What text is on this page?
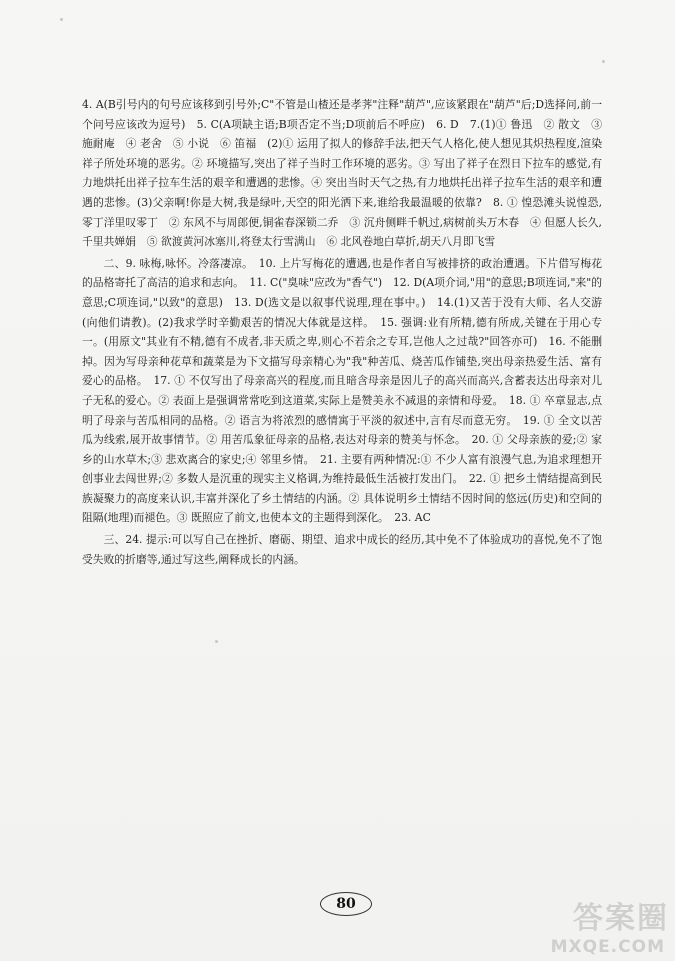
4. A(B引号内的句号应该移到引号外;C"不管是山楂还是孝荠"注释"葫芦",应该紧跟在"葫芦"后;D选择问,前一个问号应该改为逗号)　5. C(A项缺主语;B项否定不当;D项前后不呼应)　6. D　7.(1)① 鲁迅　② 散文　③ 施耐庵　④ 老舍　⑤ 小说　⑥ 笛福　(2)① 运用了拟人的修辞手法,把天气人格化,使人想见其炽热程度,渲染祥子所处环境的恶劣。② 环境描写,突出了祥子当时工作环境的恶劣。③ 写出了祥子在烈日下拉车的感觉,有力地烘托出祥子拉车生活的艰辛和遭遇的悲惨。④ 突出当时天气之热,有力地烘托出祥子拉车生活的艰辛和遭遇的悲惨。(3)父亲啊!你是大树,我是绿叶,天空的阳光洒下来,谁给我最温暖的依靠?　8. ① 惶恐滩头说惶恐,零丁洋里叹零丁　② 东风不与周郎便,铜雀春深锁二乔　③ 沉舟侧畔千帆过,病树前头万木春　④ 但愿人长久,千里共婵娟　⑤ 欲渡黄河冰塞川,将登太行雪满山　⑥ 北风卷地白草折,胡天八月即飞雪

二、9. 咏梅,咏怀。冷落凄凉。　10. 上片写梅花的遭遇,也是作者自写被排挤的政治遭遇。下片借写梅花的品格寄托了高洁的追求和志向。　11. C("臭味"应改为"香气")　12. D(A项介词,"用"的意思;B项连词,"来"的意思;C项连词,"以致"的意思)　13. D(选文是以叙事代说理,理在事中。)　14.(1)又苦于没有大师、名人交游(向他们请教)。(2)我求学时辛勤艰苦的情况大体就是这样。　15. 强调:业有所精,德有所成,关键在于用心专一。(用原文"其业有不精,德有不成者,非天质之卑,则心不若余之专耳,岂他人之过哉?"回答亦可)　16. 不能删掉。因为写母亲种花草和蔬菜是为下文描写母亲精心为"我"种苦瓜、烧苦瓜作铺垫,突出母亲热爱生活、富有爱心的品格。　17. ① 不仅写出了母亲高兴的程度,而且暗含母亲是因儿子的高兴而高兴,含蓄表达出母亲对儿子无私的爱心。② 表面上是强调常常吃到这道菜,实际上是赞美永不减退的亲情和母爱。　18. ① 卒章显志,点明了母亲与苦瓜相同的品格。② 语言为将浓烈的感情寓于平淡的叙述中,言有尽而意无穷。　19. ① 全文以苦瓜为线索,展开故事情节。② 用苦瓜象征母亲的品格,表达对母亲的赞美与怀念。　20. ① 父母亲族的爱;② 家乡的山水草木;③ 悲欢离合的家史;④ 邻里乡情。　21. 主要有两种情况:① 不少人富有浪漫气息,为追求理想开创事业去闯世界;② 多数人是沉重的现实主义格调,为维持最低生活被打发出门。　22. ① 把乡土情结提高到民族凝聚力的高度来认识,丰富并深化了乡土情结的内涵。② 具体说明乡土情结不因时间的悠远(历史)和空间的阻隔(地理)而褪色。③ 既照应了前文,也使本文的主题得到深化。　23. AC

三、24. 提示:可以写自己在挫折、磨砺、期望、追求中成长的经历,其中免不了体验成功的喜悦,免不了饱受失败的折磨等,通过写这些,阐释成长的内涵。

80	答案圈
MXQE.COM
